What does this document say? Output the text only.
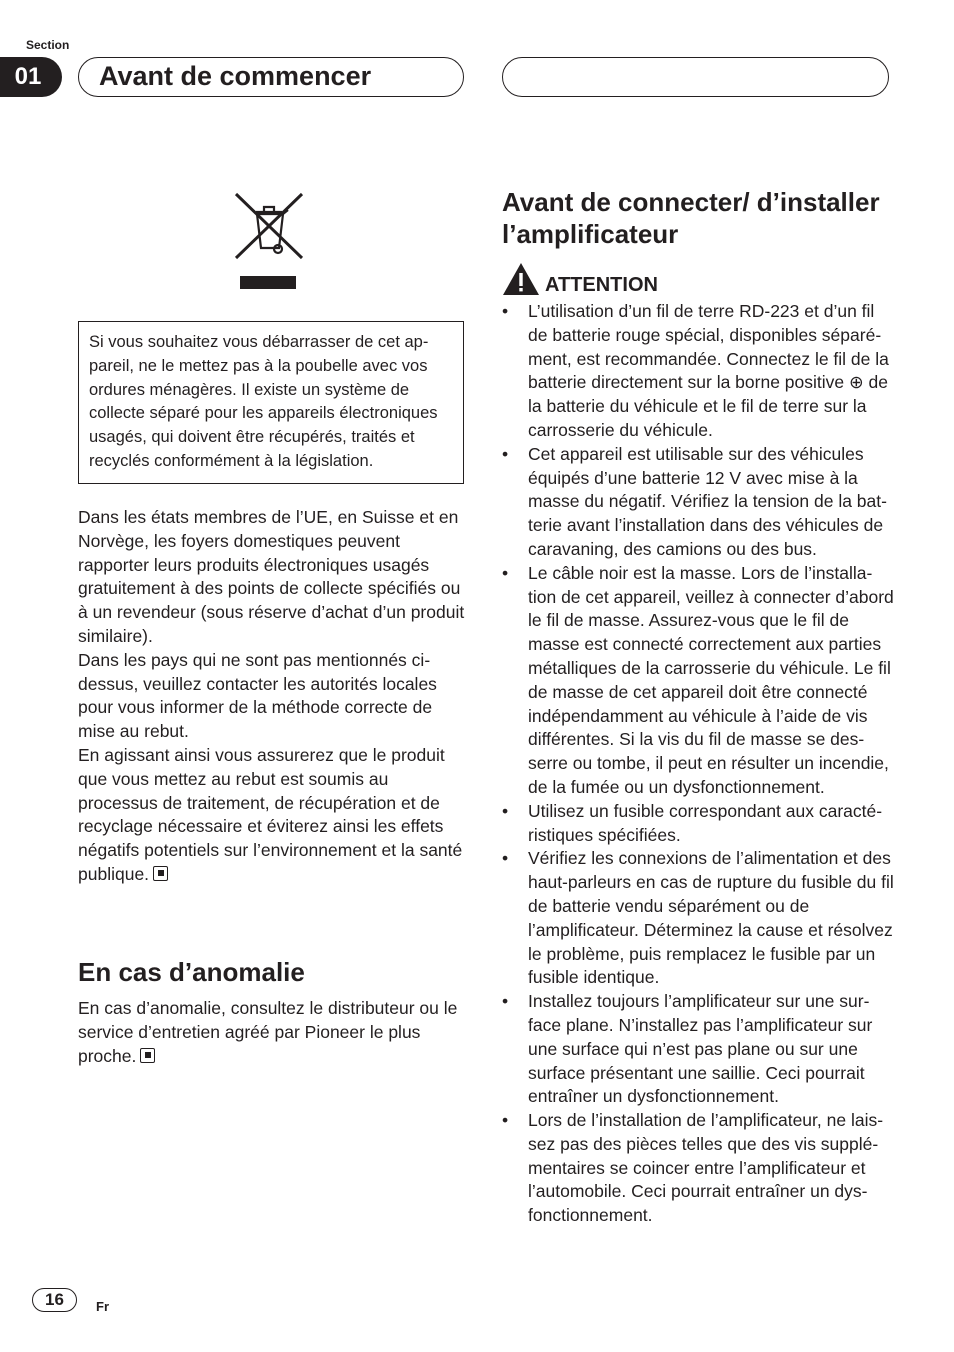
Section
01	Avant de commencer

Si vous souhaitez vous débarrasser de cet appareil, ne le mettez pas à la poubelle avec vos ordures ménagères. Il existe un système de collecte séparé pour les appareils électroniques usagés, qui doivent être récupérés, traités et recyclés conformément à la législation.

Dans les états membres de l’UE, en Suisse et en Norvège, les foyers domestiques peuvent rapporter leurs produits électroniques usagés gratuitement à des points de collecte spécifiés ou à un revendeur (sous réserve d’achat d’un produit similaire).

Dans les pays qui ne sont pas mentionnés cidessus, veuillez contacter les autorités locales pour vous informer de la méthode correcte de mise au rebut.

En agissant ainsi vous assurerez que le produit que vous mettez au rebut est soumis au processus de traitement, de récupération et de recyclage nécessaire et éviterez ainsi les effets négatifs potentiels sur l’environnement et la santé publique.

En cas d’anomalie

En cas d’anomalie, consultez le distributeur ou le service d’entretien agréé par Pioneer le plus proche.

Avant de connecter/ d’installer l’amplificateur
ATTENTION
• L’utilisation d’un fil de terre RD-223 et d’un fil de batterie rouge spécial, disponibles séparément, est recommandée. Connectez le fil de la batterie directement sur la borne positive ⊕ de la batterie du véhicule et le fil de terre sur la carrosserie du véhicule.
• Cet appareil est utilisable sur des véhicules équipés d’une batterie 12 V avec mise à la masse du négatif. Vérifiez la tension de la batterie avant l’installation dans des véhicules de caravaning, des camions ou des bus.
• Le câble noir est la masse. Lors de l’installation de cet appareil, veillez à connecter d’abord le fil de masse. Assurez-vous que le fil de masse est connecté correctement aux parties métalliques de la carrosserie du véhicule. Le fil de masse de cet appareil doit être connecté indépendamment au véhicule à l’aide de vis différentes. Si la vis du fil de masse se desserre ou tombe, il peut en résulter un incendie, de la fumée ou un dysfonctionnement.
• Utilisez un fusible correspondant aux caractéristiques spécifiées.
• Vérifiez les connexions de l’alimentation et des haut-parleurs en cas de rupture du fusible du fil de batterie vendu séparément ou de l’amplificateur. Déterminez la cause et résolvez le problème, puis remplacez le fusible par un fusible identique.
• Installez toujours l’amplificateur sur une surface plane. N’installez pas l’amplificateur sur une surface qui n’est pas plane ou sur une surface présentant une saillie. Ceci pourrait entraîner un dysfonctionnement.
• Lors de l’installation de l’amplificateur, ne laissez pas des pièces telles que des vis supplémentaires se coincer entre l’amplificateur et l’automobile. Ceci pourrait entraîner un dysfonctionnement.
16	Fr
